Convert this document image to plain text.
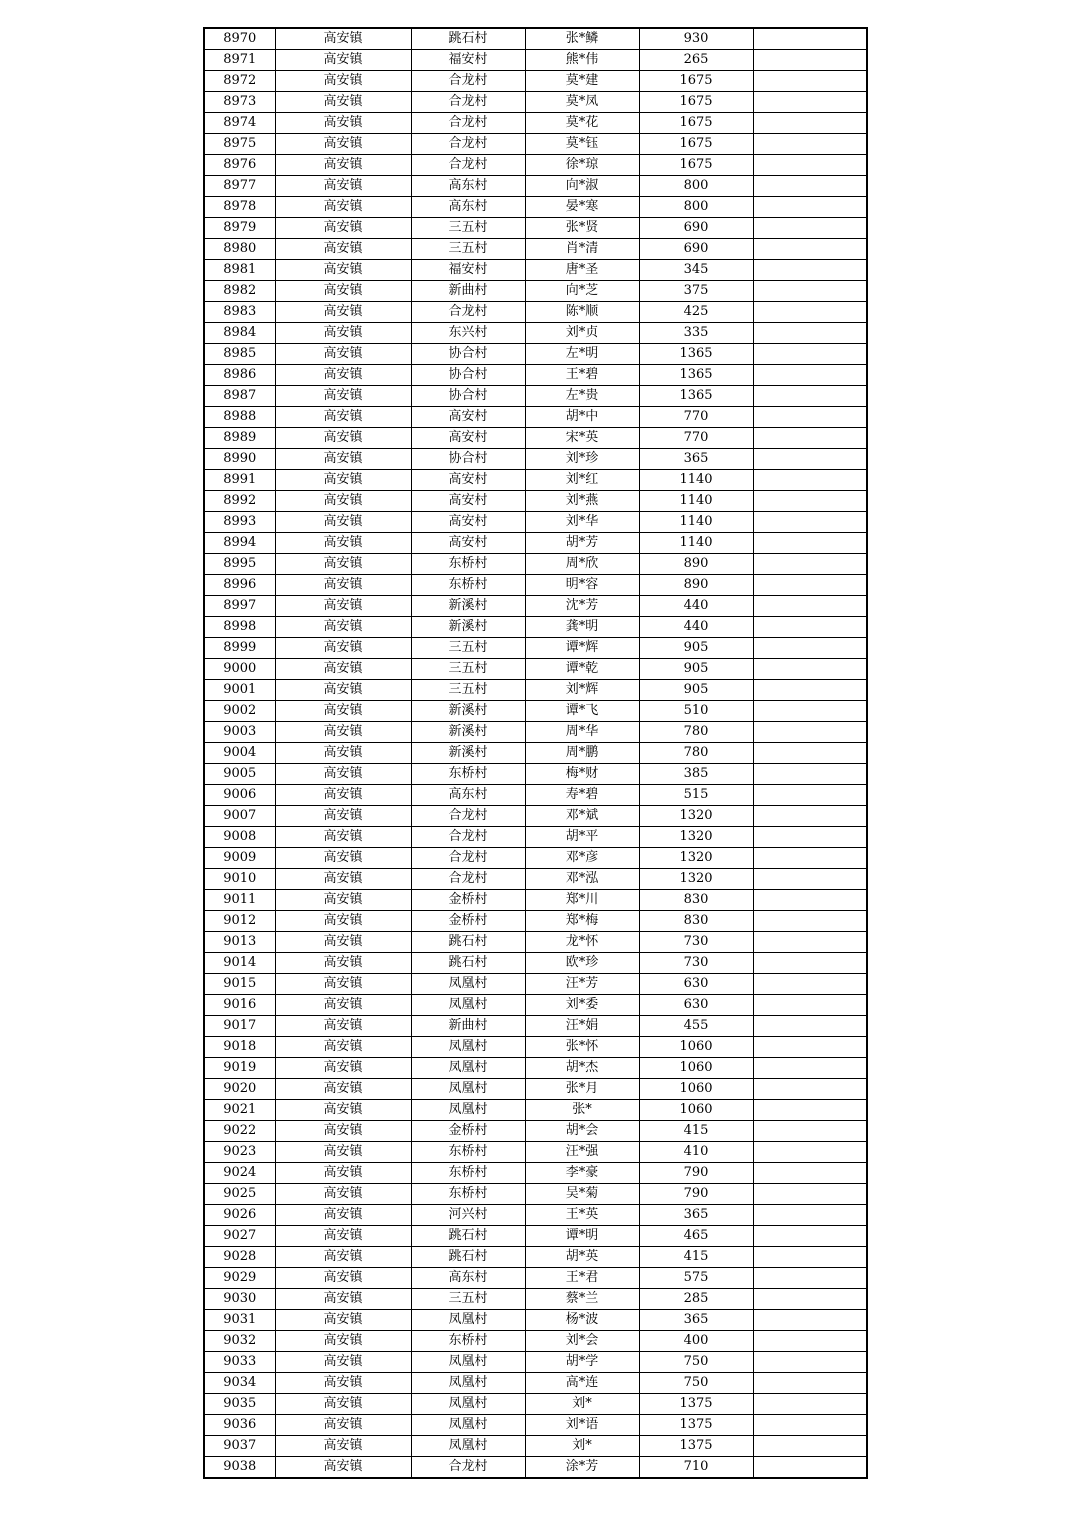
8970	高安镇	跳石村	张*鳞	930	
8971	高安镇	福安村	熊*伟	265	
8972	高安镇	合龙村	莫*建	1675	
8973	高安镇	合龙村	莫*凤	1675	
8974	高安镇	合龙村	莫*花	1675	
8975	高安镇	合龙村	莫*钰	1675	
8976	高安镇	合龙村	徐*琼	1675	
8977	高安镇	高东村	向*淑	800	
8978	高安镇	高东村	晏*寒	800	
8979	高安镇	三五村	张*贤	690	
8980	高安镇	三五村	肖*清	690	
8981	高安镇	福安村	唐*圣	345	
8982	高安镇	新曲村	向*芝	375	
8983	高安镇	合龙村	陈*顺	425	
8984	高安镇	东兴村	刘*贞	335	
8985	高安镇	协合村	左*明	1365	
8986	高安镇	协合村	王*碧	1365	
8987	高安镇	协合村	左*贵	1365	
8988	高安镇	高安村	胡*中	770	
8989	高安镇	高安村	宋*英	770	
8990	高安镇	协合村	刘*珍	365	
8991	高安镇	高安村	刘*红	1140	
8992	高安镇	高安村	刘*燕	1140	
8993	高安镇	高安村	刘*华	1140	
8994	高安镇	高安村	胡*芳	1140	
8995	高安镇	东桥村	周*欣	890	
8996	高安镇	东桥村	明*容	890	
8997	高安镇	新溪村	沈*芳	440	
8998	高安镇	新溪村	龚*明	440	
8999	高安镇	三五村	谭*辉	905	
9000	高安镇	三五村	谭*乾	905	
9001	高安镇	三五村	刘*辉	905	
9002	高安镇	新溪村	谭*飞	510	
9003	高安镇	新溪村	周*华	780	
9004	高安镇	新溪村	周*鹏	780	
9005	高安镇	东桥村	梅*财	385	
9006	高安镇	高东村	寿*碧	515	
9007	高安镇	合龙村	邓*斌	1320	
9008	高安镇	合龙村	胡*平	1320	
9009	高安镇	合龙村	邓*彦	1320	
9010	高安镇	合龙村	邓*泓	1320	
9011	高安镇	金桥村	郑*川	830	
9012	高安镇	金桥村	郑*梅	830	
9013	高安镇	跳石村	龙*怀	730	
9014	高安镇	跳石村	欧*珍	730	
9015	高安镇	凤凰村	汪*芳	630	
9016	高安镇	凤凰村	刘*委	630	
9017	高安镇	新曲村	汪*娟	455	
9018	高安镇	凤凰村	张*怀	1060	
9019	高安镇	凤凰村	胡*杰	1060	
9020	高安镇	凤凰村	张*月	1060	
9021	高安镇	凤凰村	张*	1060	
9022	高安镇	金桥村	胡*会	415	
9023	高安镇	东桥村	汪*强	410	
9024	高安镇	东桥村	李*豪	790	
9025	高安镇	东桥村	吴*菊	790	
9026	高安镇	河兴村	王*英	365	
9027	高安镇	跳石村	谭*明	465	
9028	高安镇	跳石村	胡*英	415	
9029	高安镇	高东村	王*君	575	
9030	高安镇	三五村	蔡*兰	285	
9031	高安镇	凤凰村	杨*波	365	
9032	高安镇	东桥村	刘*会	400	
9033	高安镇	凤凰村	胡*学	750	
9034	高安镇	凤凰村	高*连	750	
9035	高安镇	凤凰村	刘*	1375	
9036	高安镇	凤凰村	刘*语	1375	
9037	高安镇	凤凰村	刘*	1375	
9038	高安镇	合龙村	涂*芳	710	
